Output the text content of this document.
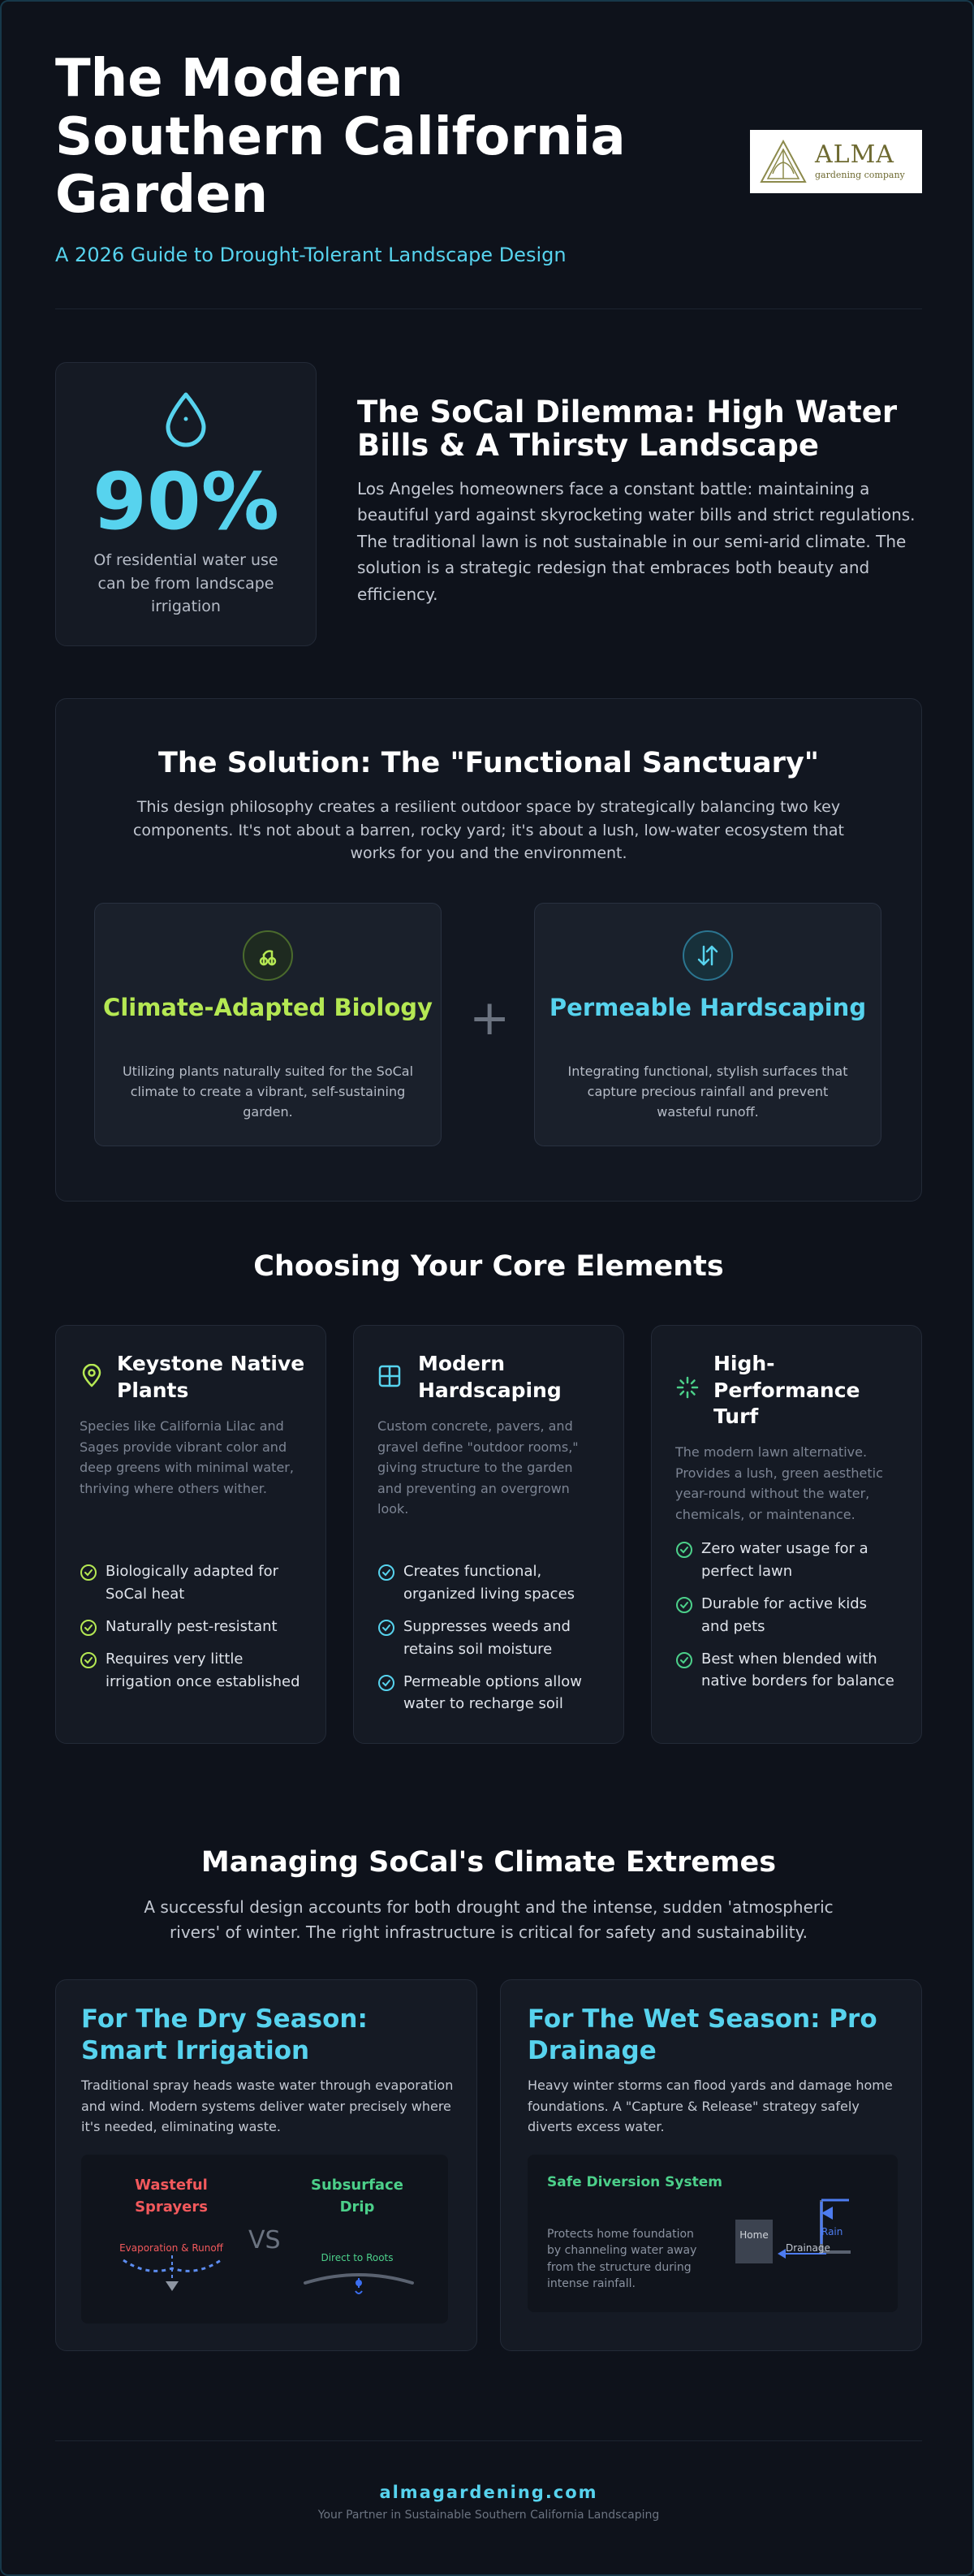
The Modern Southern California Garden
A 2026 Guide to Drought-Tolerant Landscape Design
ALMA
gardening company
90%
Of residential water use can be from landscape irrigation
The SoCal Dilemma: High Water Bills & A Thirsty Landscape

Los Angeles homeowners face a constant battle: maintaining a beautiful yard against skyrocketing water bills and strict regulations. The traditional lawn is not sustainable in our semi-arid climate. The solution is a strategic redesign that embraces both beauty and efficiency.

The Solution: The "Functional Sanctuary"

This design philosophy creates a resilient outdoor space by strategically balancing two key components. It's not about a barren, rocky yard; it's about a lush, low-water ecosystem that works for you and the environment.

Climate-Adapted Biology
Utilizing plants naturally suited for the SoCal climate to create a vibrant, self-sustaining garden.
+	Permeable Hardscaping
Integrating functional, stylish surfaces that capture precious rainfall and prevent wasteful runoff.
Choosing Your Core Elements
Keystone Native Plants

Species like California Lilac and Sages provide vibrant color and deep greens with minimal water, thriving where others wither.

Biologically adapted for SoCal heat
Naturally pest-resistant
Requires very little irrigation once established
Modern Hardscaping

Custom concrete, pavers, and gravel define "outdoor rooms," giving structure to the garden and preventing an overgrown look.

Creates functional, organized living spaces
Suppresses weeds and retains soil moisture
Permeable options allow water to recharge soil
High-Performance Turf

The modern lawn alternative. Provides a lush, green aesthetic year-round without the water, chemicals, or maintenance.

Zero water usage for a perfect lawn
Durable for active kids and pets
Best when blended with native borders for balance
Managing SoCal's Climate Extremes

A successful design accounts for both drought and the intense, sudden 'atmospheric rivers' of winter. The right infrastructure is critical for safety and sustainability.

For The Dry Season: Smart Irrigation

Traditional spray heads waste water through evaporation and wind. Modern systems deliver water precisely where it's needed, eliminating waste.

Wasteful Sprayers
Evaporation & Runoff	VS
Subsurface Drip
Direct to Roots
For The Wet Season: Pro Drainage

Heavy winter storms can flood yards and damage home foundations. A "Capture & Release" strategy safely diverts excess water.

Safe Diversion System

Protects home foundation by channeling water away from the structure during intense rainfall.

Home	Rain
Drainage
almagardening.com
Your Partner in Sustainable Southern California Landscaping
